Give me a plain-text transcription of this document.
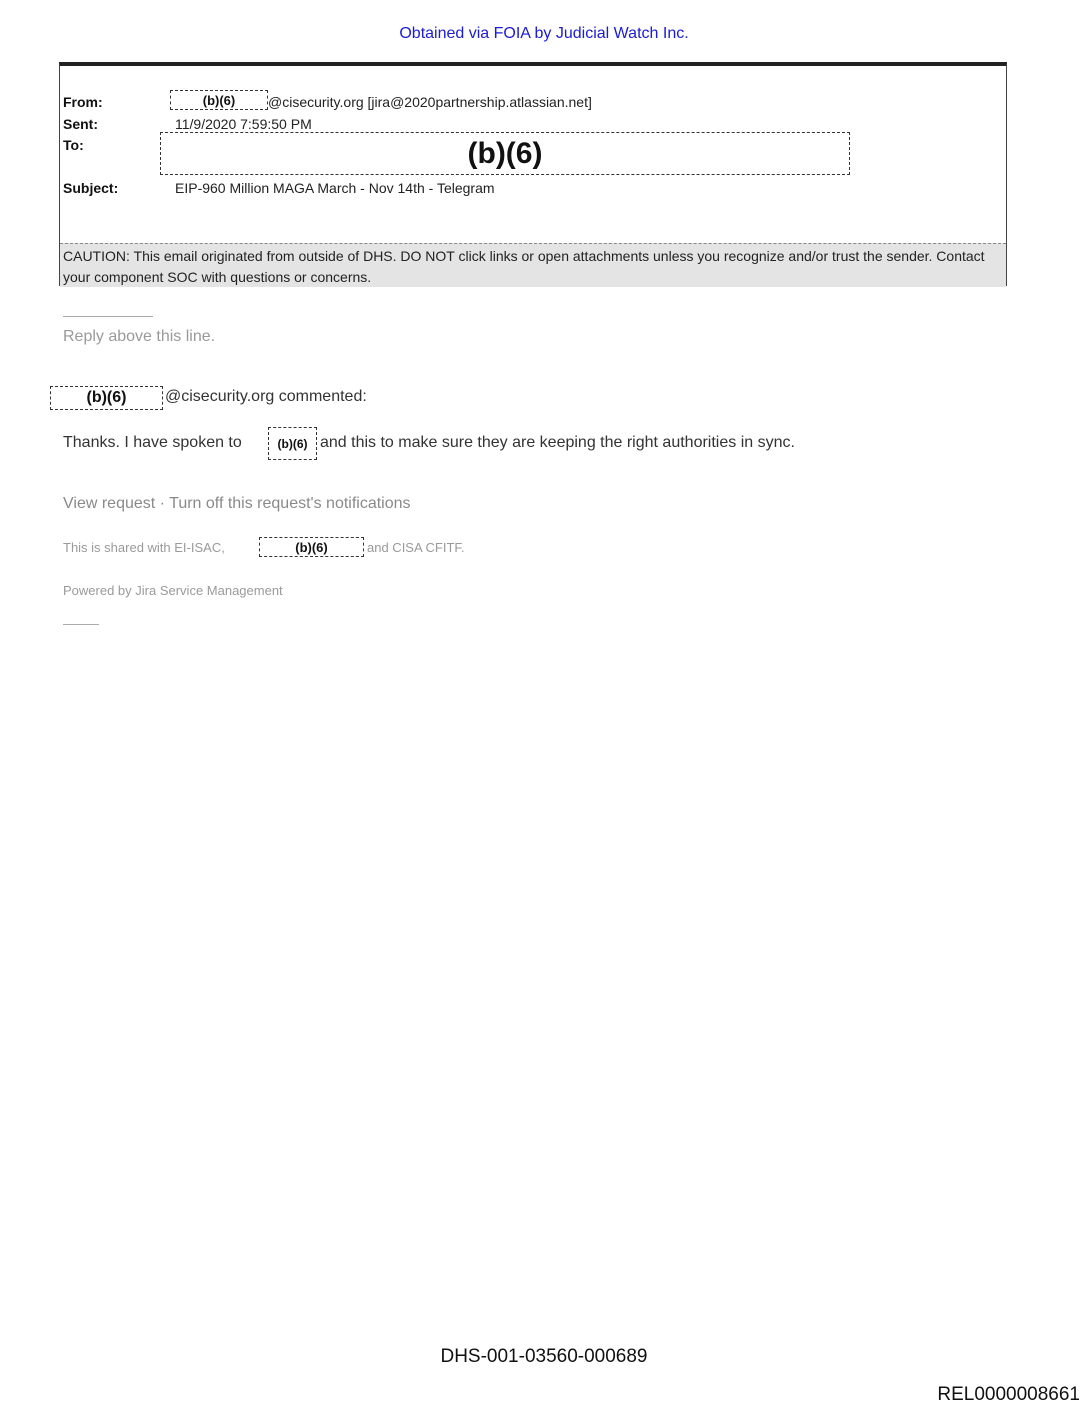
Obtained via FOIA by Judicial Watch Inc.
From:	(b)(6)	@cisecurity.org [jira@2020partnership.atlassian.net]
Sent:	11/9/2020 7:59:50 PM
To:	(b)(6)
Subject:	EIP-960 Million MAGA March - Nov 14th - Telegram
CAUTION: This email originated from outside of DHS. DO NOT click links or open attachments unless you recognize and/or trust the sender. Contact your component SOC with questions or concerns.
Reply above this line.
(b)(6)	@cisecurity.org commented:
Thanks. I have spoken to	(b)(6) and this to make sure they are keeping the right authorities in sync.
View request · Turn off this request's notifications
This is shared with EI-ISAC,	(b)(6)	and CISA CFITF.
Powered by Jira Service Management
DHS-001-03560-000689
REL0000008661
